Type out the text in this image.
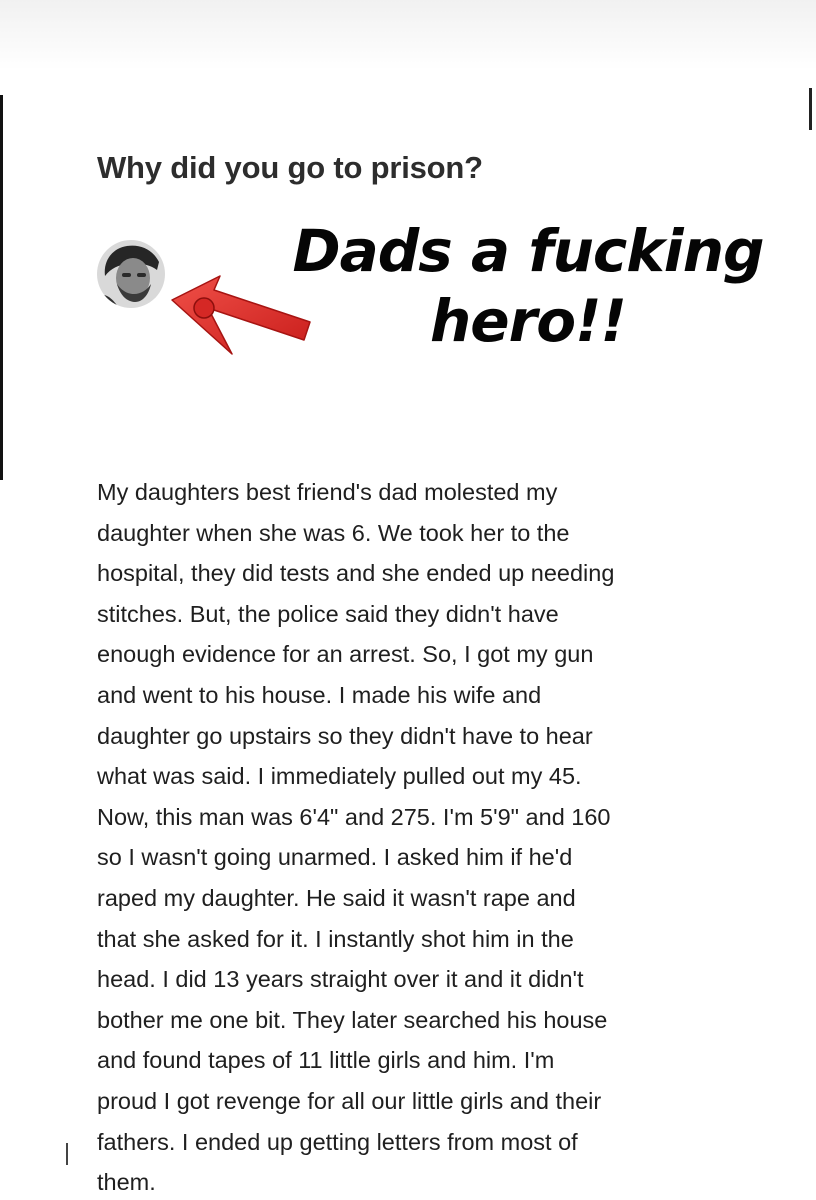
Why did you go to prison?
Dads a fucking
hero!!
My daughters best friend's dad molested my
daughter when she was 6. We took her to the
hospital, they did tests and she ended up needing
stitches. But, the police said they didn't have
enough evidence for an arrest. So, I got my gun
and went to his house. I made his wife and
daughter go upstairs so they didn't have to hear
what was said. I immediately pulled out my 45.
Now, this man was 6'4" and 275. I'm 5'9" and 160
so I wasn't going unarmed. I asked him if he'd
raped my daughter. He said it wasn't rape and
that she asked for it. I instantly shot him in the
head. I did 13 years straight over it and it didn't
bother me one bit. They later searched his house
and found tapes of 11 little girls and him. I'm
proud I got revenge for all our little girls and their
fathers. I ended up getting letters from most of
them.
